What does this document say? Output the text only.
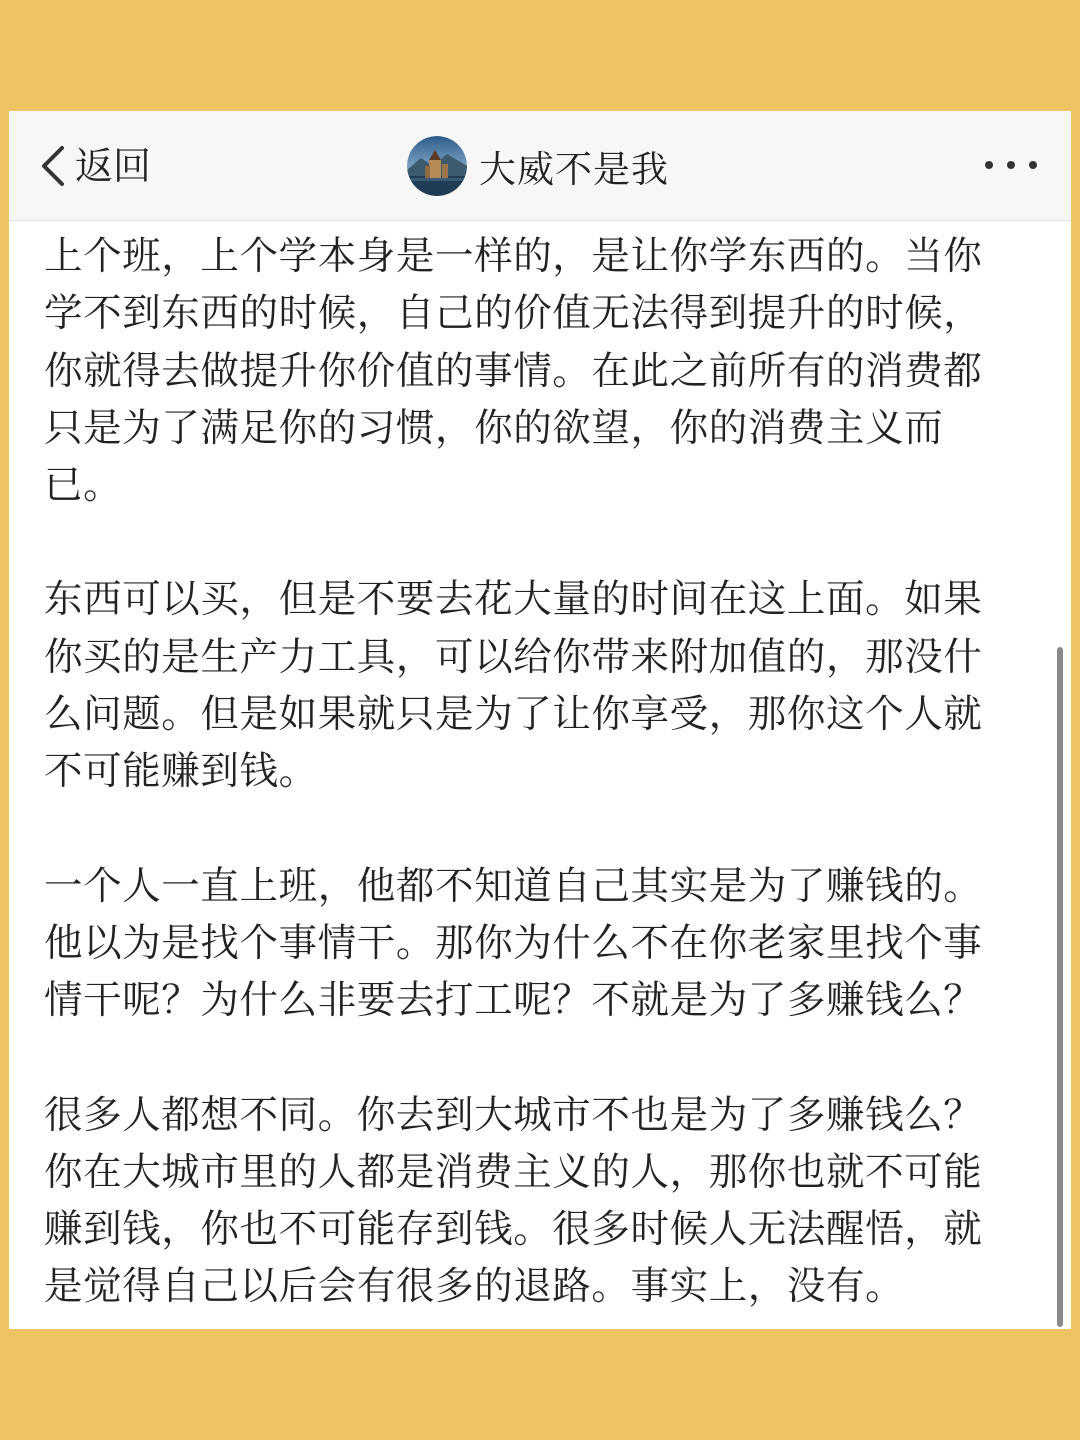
返回	大威不是我

上个班，上个学本身是一样的，是让你学东西的。当你
学不到东西的时候，自己的价值无法得到提升的时候，
你就得去做提升你价值的事情。在此之前所有的消费都
只是为了满足你的习惯，你的欲望，你的消费主义而
已。

东西可以买，但是不要去花大量的时间在这上面。如果
你买的是生产力工具，可以给你带来附加值的，那没什
么问题。但是如果就只是为了让你享受，那你这个人就
不可能赚到钱。

一个人一直上班，他都不知道自己其实是为了赚钱的。
他以为是找个事情干。那你为什么不在你老家里找个事
情干呢？为什么非要去打工呢？不就是为了多赚钱么？

很多人都想不同。你去到大城市不也是为了多赚钱么？
你在大城市里的人都是消费主义的人，那你也就不可能
赚到钱，你也不可能存到钱。很多时候人无法醒悟，就
是觉得自己以后会有很多的退路。事实上，没有。
